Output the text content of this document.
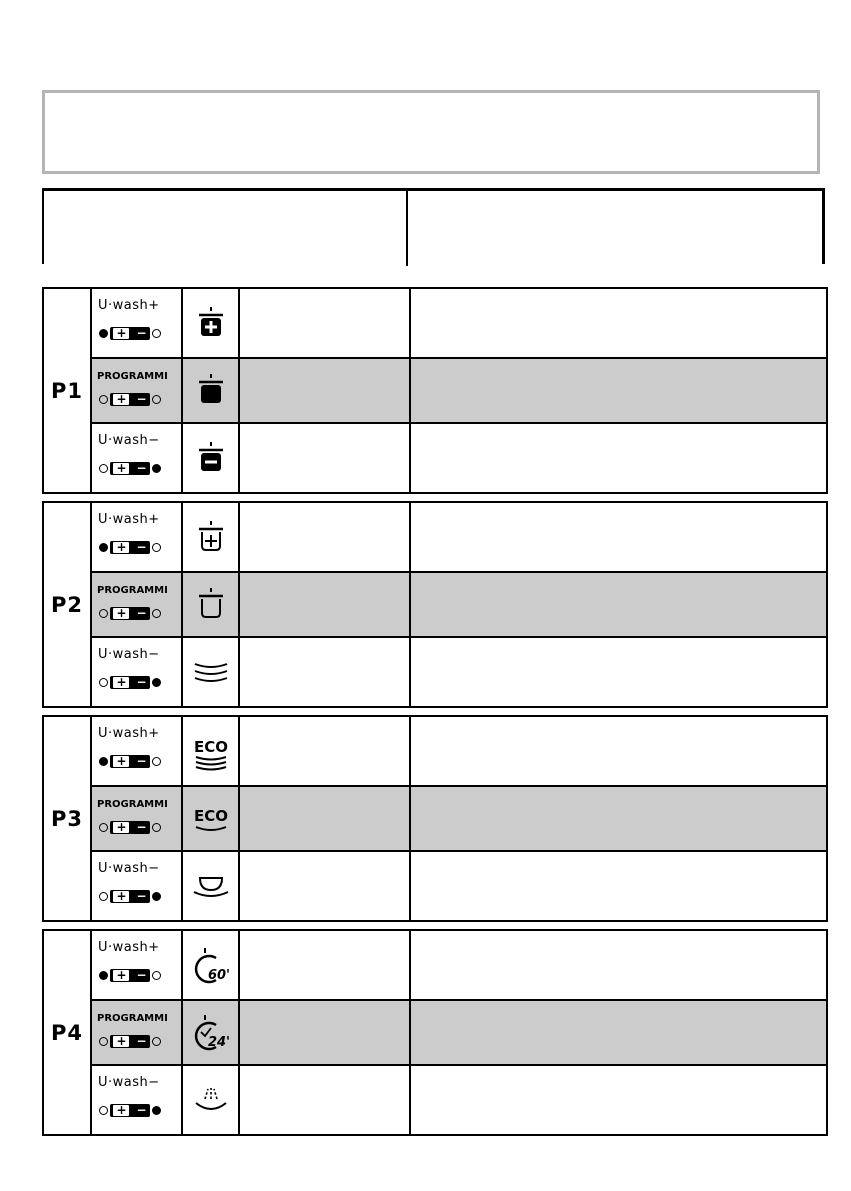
P1
U·wash+
+ −
PROGRAMMI
+ −
U·wash−
+ −
P2
U·wash+
+ −
PROGRAMMI
+ −
U·wash−
+ −
P3
U·wash+
+ −
ECO
PROGRAMMI
+ −
ECO
U·wash−
+ −
P4
U·wash+
+ −	60'
PROGRAMMI
+ −	24'
U·wash−
+ −
